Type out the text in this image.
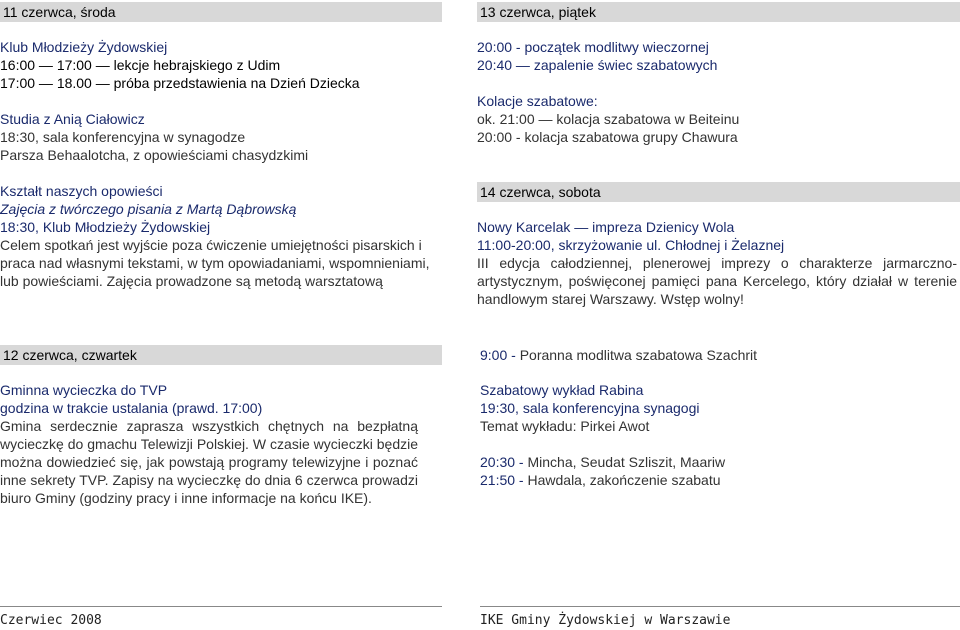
11 czerwca, środa
Klub Młodzieży Żydowskiej
16:00 — 17:00 — lekcje hebrajskiego z Udim
17:00 — 18.00 — próba przedstawienia na Dzień Dziecka
Studia z Anią Ciałowicz
18:30, sala konferencyjna w synagodze
Parsza Behaalotcha, z opowieściami chasydzkimi
Kształt naszych opowieści
Zajęcia z twórczego pisania z Martą Dąbrowską
18:30, Klub Młodzieży Żydowskiej
Celem spotkań jest wyjście poza ćwiczenie umiejętności pisarskich i praca nad własnymi tekstami, w tym opowiadaniami, wspomnieniami, lub powieściami. Zajęcia prowadzone są metodą warsztatową
13 czerwca, piątek
20:00 - początek modlitwy wieczornej
20:40 — zapalenie świec szabatowych
Kolacje szabatowe:
ok. 21:00 — kolacja szabatowa w Beiteinu
20:00 - kolacja szabatowa grupy Chawura
14 czerwca, sobota
Nowy Karcelak — impreza Dzienicy Wola
11:00-20:00, skrzyżowanie ul. Chłodnej i Żelaznej
III edycja całodziennej, plenerowej imprezy o charakterze jarmarczno-artystycznym, poświęconej pamięci pana Kercelego, który działał w terenie handlowym starej Warszawy. Wstęp wolny!
12 czerwca, czwartek
Gminna wycieczka do TVP
godzina w trakcie ustalania (prawd. 17:00)
Gmina serdecznie zaprasza wszystkich chętnych na bezpłatną wycieczkę do gmachu Telewizji Polskiej. W czasie wycieczki będzie można dowiedzieć się, jak powstają programy telewizyjne i poznać inne sekrety TVP. Zapisy na wycieczkę do dnia 6 czerwca prowadzi biuro Gminy (godziny pracy i inne informacje na końcu IKE).
9:00 - Poranna modlitwa szabatowa Szachrit
Szabatowy wykład Rabina
19:30, sala konferencyjna synagogi
Temat wykładu: Pirkei Awot
20:30 - Mincha, Seudat Szliszit, Maariw
21:50 - Hawdala, zakończenie szabatu
Czerwiec 2008	IKE Gminy Żydowskiej w Warszawie
